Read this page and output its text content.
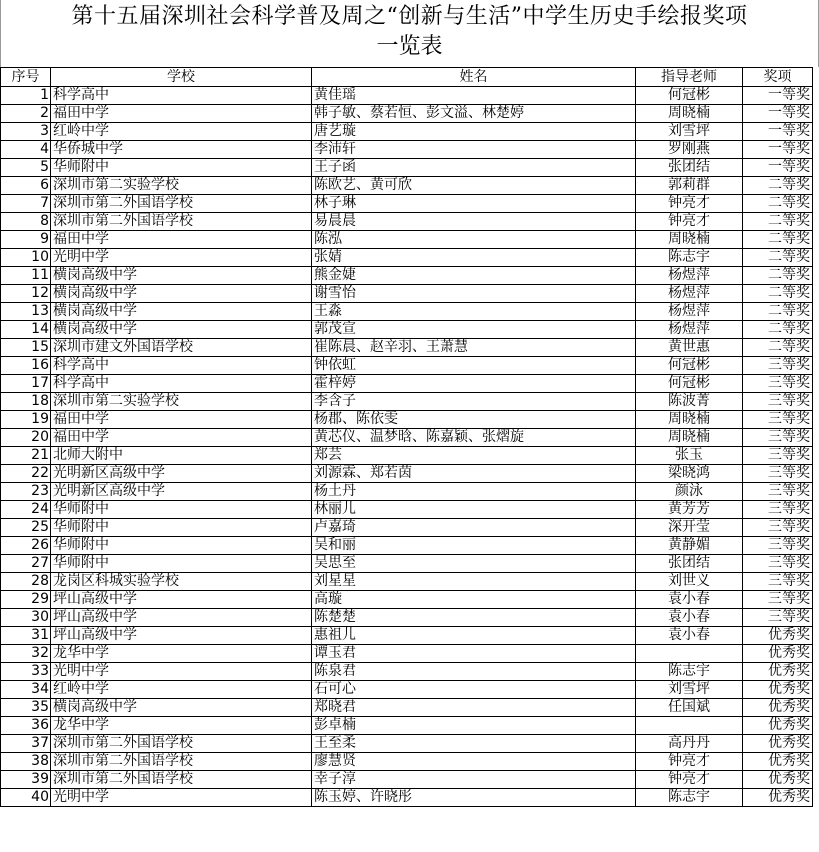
第十五届深圳社会科学普及周之“创新与生活”中学生历史手绘报奖项

一览表

序号	学校	姓名	指导老师	奖项
1	科学高中	黄佳瑶	何冠彬	一等奖
2	福田中学	韩子敏、蔡若恒、彭文溢、林楚婷	周晓楠	一等奖
3	红岭中学	唐艺璇	刘雪坪	一等奖
4	华侨城中学	李沛轩	罗刚燕	一等奖
5	华师附中	王子函	张团结	一等奖
6	深圳市第二实验学校	陈欧艺、黄可欣	郭莉群	二等奖
7	深圳市第二外国语学校	林子琳	钟亮才	二等奖
8	深圳市第二外国语学校	易晨晨	钟亮才	二等奖
9	福田中学	陈泓	周晓楠	二等奖
10	光明中学	张婧	陈志宇	二等奖
11	横岗高级中学	熊金婕	杨煜萍	二等奖
12	横岗高级中学	谢雪怡	杨煜萍	二等奖
13	横岗高级中学	王淼	杨煜萍	二等奖
14	横岗高级中学	郭茂宣	杨煜萍	二等奖
15	深圳市建文外国语学校	崔陈晨、赵辛羽、王萧慧	黄世惠	二等奖
16	科学高中	钟依虹	何冠彬	三等奖
17	科学高中	霍梓婷	何冠彬	三等奖
18	深圳市第二实验学校	李含子	陈波菁	三等奖
19	福田中学	杨郡、陈依雯	周晓楠	三等奖
20	福田中学	黄芯仪、温梦晗、陈嘉颖、张熠旋	周晓楠	三等奖
21	北师大附中	郑芸	张玉	三等奖
22	光明新区高级中学	刘源霖、郑若茵	梁晓鸿	三等奖
23	光明新区高级中学	杨土丹	颜泳	三等奖
24	华师附中	林丽儿	黄芳芳	三等奖
25	华师附中	卢嘉琦	深开莹	三等奖
26	华师附中	吴和丽	黄静媚	三等奖
27	华师附中	吴思至	张团结	三等奖
28	龙岗区科城实验学校	刘星星	刘世义	三等奖
29	坪山高级中学	高璇	袁小春	三等奖
30	坪山高级中学	陈楚楚	袁小春	三等奖
31	坪山高级中学	惠祖儿	袁小春	优秀奖
32	龙华中学	谭玉君		优秀奖
33	光明中学	陈泉君	陈志宇	优秀奖
34	红岭中学	石可心	刘雪坪	优秀奖
35	横岗高级中学	郑晓君	任国斌	优秀奖
36	龙华中学	彭卓楠		优秀奖
37	深圳市第二外国语学校	王至柔	高丹丹	优秀奖
38	深圳市第二外国语学校	廖慧贤	钟亮才	优秀奖
39	深圳市第二外国语学校	幸子淳	钟亮才	优秀奖
40	光明中学	陈玉婷、许晓彤	陈志宇	优秀奖
